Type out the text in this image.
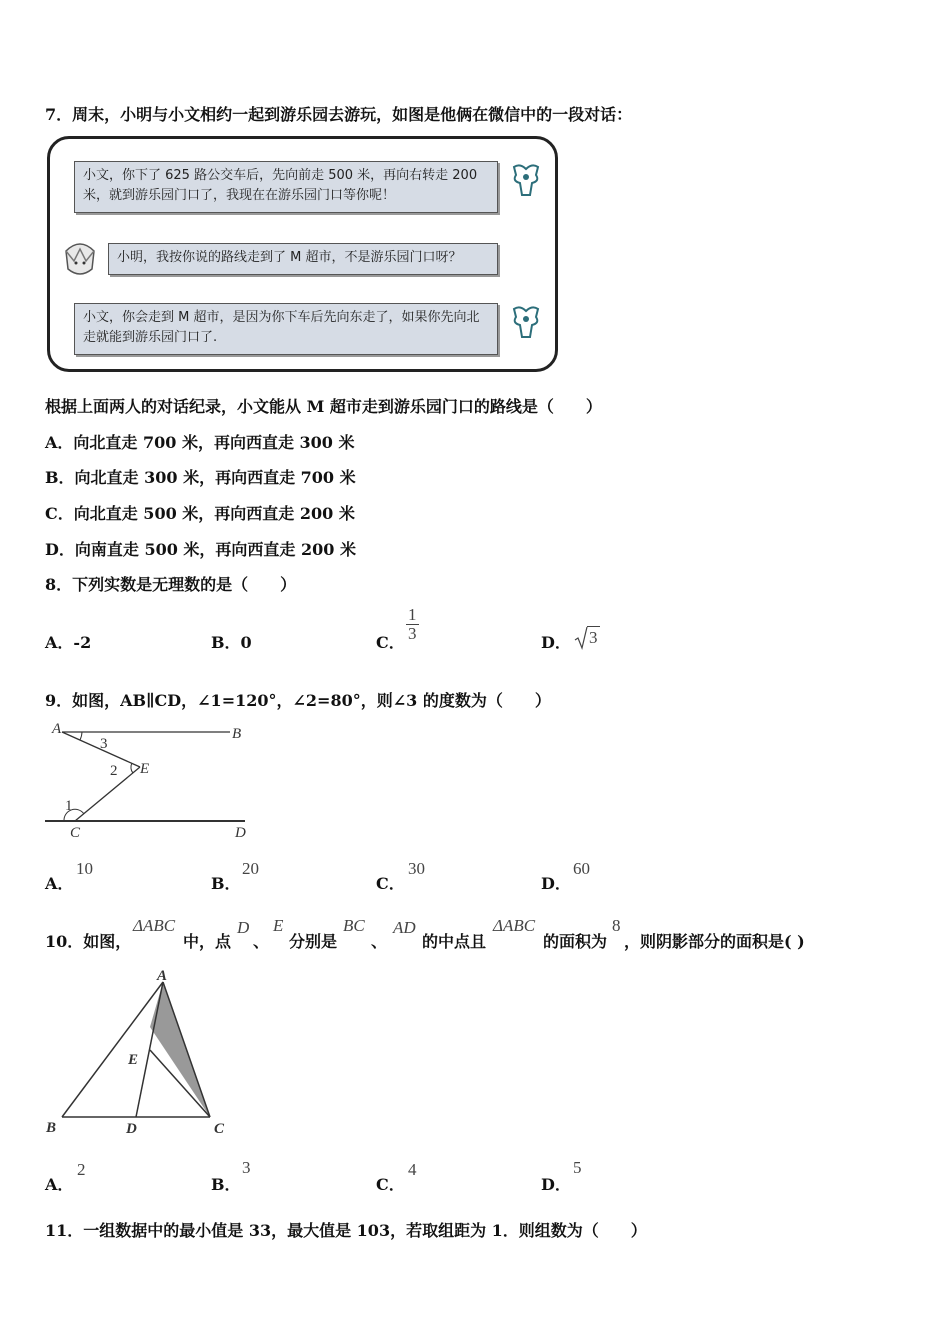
7．周末，小明与小文相约一起到游乐园去游玩，如图是他俩在微信中的一段对话：
小文，你下了 625 路公交车后，先向前走 500 米，再向右转走 200 米，就到游乐园门口了，我现在在游乐园门口等你呢！
小明，我按你说的路线走到了 M 超市，不是游乐园门口呀？
小文，你会走到 M 超市，是因为你下车后先向东走了，如果你先向北走就能到游乐园门口了.
根据上面两人的对话纪录，小文能从 M 超市走到游乐园门口的路线是（　　）
A．向北直走 700 米，再向西直走 300 米
B．向北直走 300 米，再向西直走 700 米
C．向北直走 500 米，再向西直走 200 米
D．向南直走 500 米，再向西直走 200 米
8．下列实数是无理数的是（　　）
A．-2	B．0	C． $\frac{1}{3}$	D． 3
9．如图，AB∥CD，∠1=120°，∠2=80°，则∠3 的度数为（　　）
A	B
3
2 E
1
C	D
A．
10
B．
20
C．
30
D．
60
10．如图，
ΔABC
中，点
D
、
E
分别是
BC
、
AD
的中点且
ΔABC
的面积为
8
，则阴影部分的面积是( )
A
E
B	D	C
A．
2
B．
3
C．
4
D．
5
11．一组数据中的最小值是 33，最大值是 103，若取组距为 1．则组数为（　　）
